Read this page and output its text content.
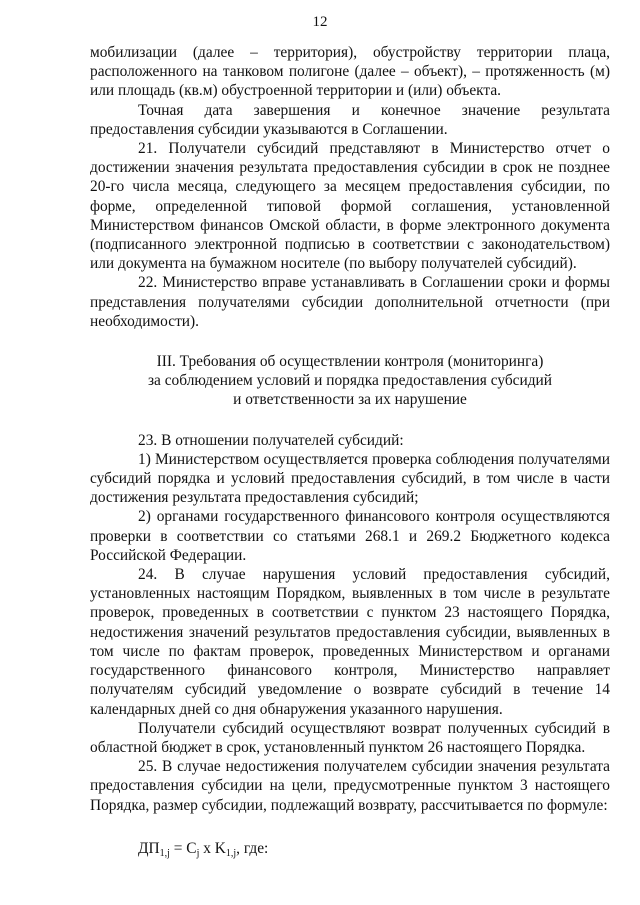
12

мобилизации (далее – территория), обустройству территории плаца, расположенного на танковом полигоне (далее – объект), – протяженность (м) или площадь (кв.м) обустроенной территории и (или) объекта.

Точная дата завершения и конечное значение результата предоставления субсидии указываются в Соглашении.

21. Получатели субсидий представляют в Министерство отчет о достижении значения результата предоставления субсидии в срок не позднее 20-го числа месяца, следующего за месяцем предоставления субсидии, по форме, определенной типовой формой соглашения, установленной Министерством финансов Омской области, в форме электронного документа (подписанного электронной подписью в соответствии с законодательством) или документа на бумажном носителе (по выбору получателей субсидий).

22. Министерство вправе устанавливать в Соглашении сроки и формы представления получателями субсидии дополнительной отчетности (при необходимости).

III. Требования об осуществлении контроля (мониторинга)
за соблюдением условий и порядка предоставления субсидий
и ответственности за их нарушение

23. В отношении получателей субсидий:

1) Министерством осуществляется проверка соблюдения получателями субсидий порядка и условий предоставления субсидий, в том числе в части достижения результата предоставления субсидий;

2) органами государственного финансового контроля осуществляются проверки в соответствии со статьями 268.1 и 269.2 Бюджетного кодекса Российской Федерации.

24. В случае нарушения условий предоставления субсидий, установленных настоящим Порядком, выявленных в том числе в результате проверок, проведенных в соответствии с пунктом 23 настоящего Порядка, недостижения значений результатов предоставления субсидии, выявленных в том числе по фактам проверок, проведенных Министерством и органами государственного финансового контроля, Министерство направляет получателям субсидий уведомление о возврате субсидий в течение 14 календарных дней со дня обнаружения указанного нарушения.

Получатели субсидий осуществляют возврат полученных субсидий в областной бюджет в срок, установленный пунктом 26 настоящего Порядка.

25. В случае недостижения получателем субсидии значения результата предоставления субсидии на цели, предусмотренные пунктом 3 настоящего Порядка, размер субсидии, подлежащий возврату, рассчитывается по формуле:

$ДП_{1,j} = C_j$ x $K_{1,j}$, где:
